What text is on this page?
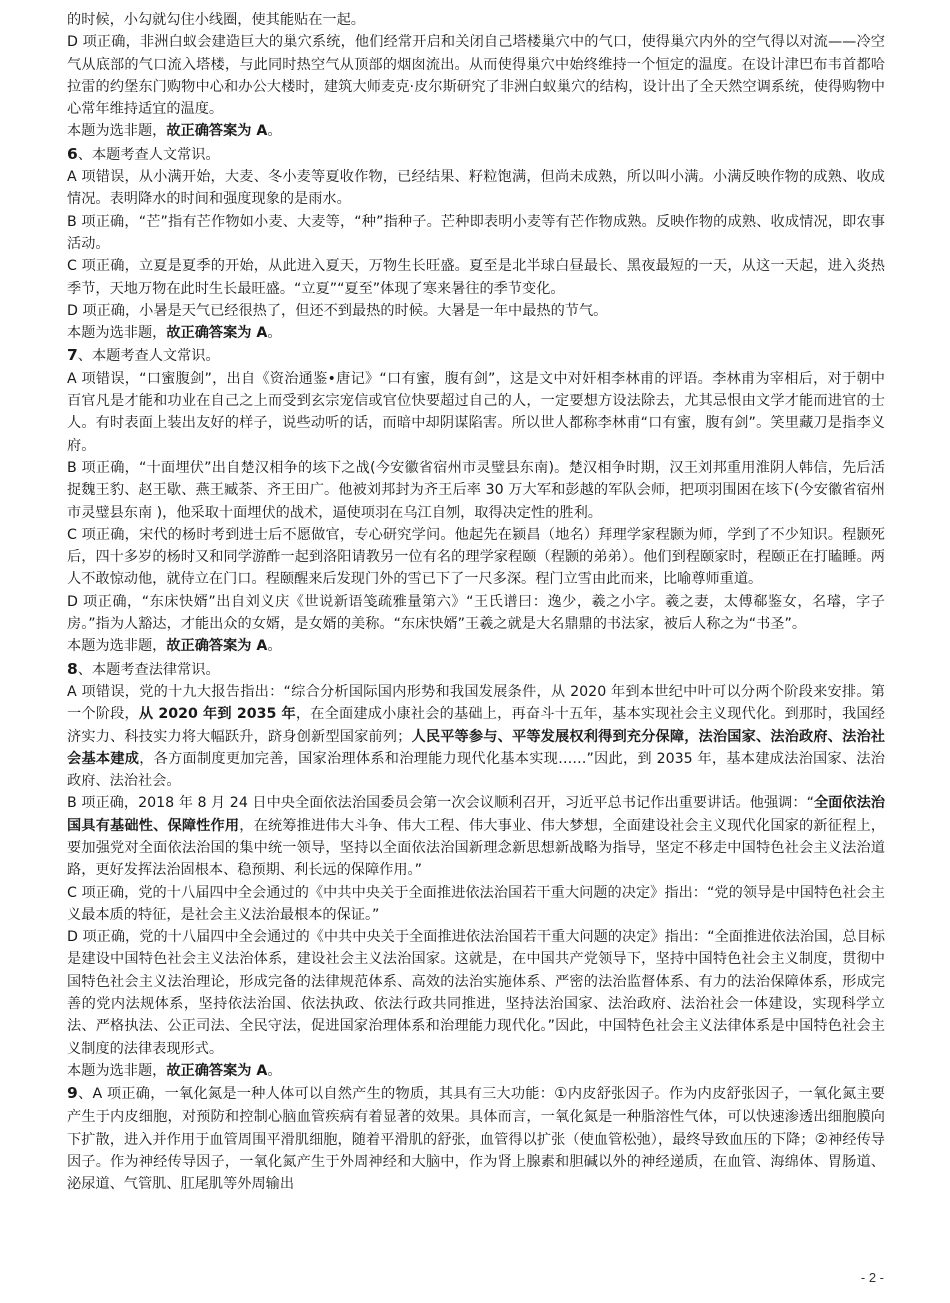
的时候，小勾就勾住小线圈，使其能贴在一起。

D 项正确，非洲白蚁会建造巨大的巢穴系统，他们经常开启和关闭自己塔楼巢穴中的气口，使得巢穴内外的空气得以对流——冷空气从底部的气口流入塔楼，与此同时热空气从顶部的烟囱流出。从而使得巢穴中始终维持一个恒定的温度。在设计津巴布韦首都哈拉雷的约堡东门购物中心和办公大楼时，建筑大师麦克·皮尔斯研究了非洲白蚁巢穴的结构，设计出了全天然空调系统，使得购物中心常年维持适宜的温度。

本题为选非题，故正确答案为 A。

6、本题考查人文常识。

A 项错误，从小满开始，大麦、冬小麦等夏收作物，已经结果、籽粒饱满，但尚未成熟，所以叫小满。小满反映作物的成熟、收成情况。表明降水的时间和强度现象的是雨水。

B 项正确，“芒”指有芒作物如小麦、大麦等，“种”指种子。芒种即表明小麦等有芒作物成熟。反映作物的成熟、收成情况，即农事活动。

C 项正确，立夏是夏季的开始，从此进入夏天，万物生长旺盛。夏至是北半球白昼最长、黑夜最短的一天，从这一天起，进入炎热季节，天地万物在此时生长最旺盛。“立夏”“夏至”体现了寒来暑往的季节变化。

D 项正确，小暑是天气已经很热了，但还不到最热的时候。大暑是一年中最热的节气。

本题为选非题，故正确答案为 A。

7、本题考查人文常识。

A 项错误，“口蜜腹剑”，出自《资治通鉴•唐记》“口有蜜，腹有剑”，这是文中对奸相李林甫的评语。李林甫为宰相后，对于朝中百官凡是才能和功业在自己之上而受到玄宗宠信或官位快要超过自己的人，一定要想方设法除去，尤其忌恨由文学才能而进官的士人。有时表面上装出友好的样子，说些动听的话，而暗中却阴谋陷害。所以世人都称李林甫“口有蜜，腹有剑”。笑里藏刀是指李义府。

B 项正确，“十面埋伏”出自楚汉相争的垓下之战(今安徽省宿州市灵璧县东南)。楚汉相争时期，汉王刘邦重用淮阴人韩信，先后活捉魏王豹、赵王歇、燕王臧荼、齐王田广。他被刘邦封为齐王后率 30 万大军和彭越的军队会师，把项羽围困在垓下(今安徽省宿州市灵璧县东南 )，他采取十面埋伏的战术，逼使项羽在乌江自刎，取得决定性的胜利。

C 项正确，宋代的杨时考到进士后不愿做官，专心研究学问。他起先在颍昌（地名）拜理学家程颢为师，学到了不少知识。程颢死后，四十多岁的杨时又和同学游酢一起到洛阳请教另一位有名的理学家程颐（程颢的弟弟）。他们到程颐家时，程颐正在打瞌睡。两人不敢惊动他，就侍立在门口。程颐醒来后发现门外的雪已下了一尺多深。程门立雪由此而来，比喻尊师重道。

D 项正确，“东床快婿”出自刘义庆《世说新语笺疏雅量第六》“王氏谱曰：逸少，羲之小字。羲之妻，太傅郗鉴女，名璿，字子房。”指为人豁达，才能出众的女婿，是女婿的美称。“东床快婿”王羲之就是大名鼎鼎的书法家，被后人称之为“书圣”。

本题为选非题，故正确答案为 A。

8、本题考查法律常识。

A 项错误，党的十九大报告指出：“综合分析国际国内形势和我国发展条件，从 2020 年到本世纪中叶可以分两个阶段来安排。第一个阶段，从 2020 年到 2035 年，在全面建成小康社会的基础上，再奋斗十五年，基本实现社会主义现代化。到那时，我国经济实力、科技实力将大幅跃升，跻身创新型国家前列；人民平等参与、平等发展权利得到充分保障，法治国家、法治政府、法治社会基本建成，各方面制度更加完善，国家治理体系和治理能力现代化基本实现……”因此，到 2035 年，基本建成法治国家、法治政府、法治社会。

B 项正确，2018 年 8 月 24 日中央全面依法治国委员会第一次会议顺利召开，习近平总书记作出重要讲话。他强调：“全面依法治国具有基础性、保障性作用，在统筹推进伟大斗争、伟大工程、伟大事业、伟大梦想，全面建设社会主义现代化国家的新征程上，要加强党对全面依法治国的集中统一领导，坚持以全面依法治国新理念新思想新战略为指导，坚定不移走中国特色社会主义法治道路，更好发挥法治固根本、稳预期、利长远的保障作用。”

C 项正确，党的十八届四中全会通过的《中共中央关于全面推进依法治国若干重大问题的决定》指出：“党的领导是中国特色社会主义最本质的特征，是社会主义法治最根本的保证。”

D 项正确，党的十八届四中全会通过的《中共中央关于全面推进依法治国若干重大问题的决定》指出：“全面推进依法治国，总目标是建设中国特色社会主义法治体系，建设社会主义法治国家。这就是，在中国共产党领导下，坚持中国特色社会主义制度，贯彻中国特色社会主义法治理论，形成完备的法律规范体系、高效的法治实施体系、严密的法治监督体系、有力的法治保障体系，形成完善的党内法规体系，坚持依法治国、依法执政、依法行政共同推进，坚持法治国家、法治政府、法治社会一体建设，实现科学立法、严格执法、公正司法、全民守法，促进国家治理体系和治理能力现代化。”因此，中国特色社会主义法律体系是中国特色社会主义制度的法律表现形式。

本题为选非题，故正确答案为 A。

9、A 项正确，一氧化氮是一种人体可以自然产生的物质，其具有三大功能：①内皮舒张因子。作为内皮舒张因子，一氧化氮主要产生于内皮细胞，对预防和控制心脑血管疾病有着显著的效果。具体而言，一氧化氮是一种脂溶性气体，可以快速渗透出细胞膜向下扩散，进入并作用于血管周围平滑肌细胞，随着平滑肌的舒张，血管得以扩张（使血管松弛），最终导致血压的下降；②神经传导因子。作为神经传导因子，一氧化氮产生于外周神经和大脑中，作为肾上腺素和胆碱以外的神经递质，在血管、海绵体、胃肠道、泌尿道、气管肌、肛尾肌等外周输出

- 2 -
